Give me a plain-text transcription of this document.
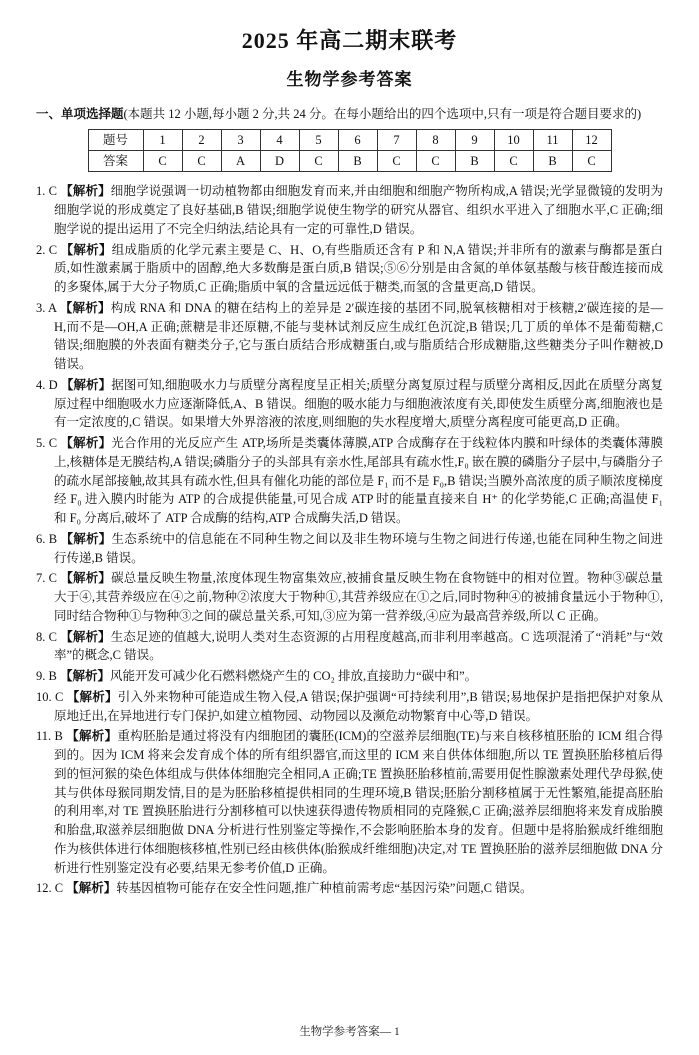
2025 年高二期末联考
生物学参考答案

一、单项选择题(本题共 12 小题,每小题 2 分,共 24 分。在每小题给出的四个选项中,只有一项是符合题目要求的)

题号	1	2	3	4	5	6	7	8	9	10	11	12
答案	C	C	A	D	C	B	C	C	B	C	B	C

1. C 【解析】细胞学说强调一切动植物都由细胞发育而来,并由细胞和细胞产物所构成,A 错误;光学显微镜的发明为细胞学说的形成奠定了良好基础,B 错误;细胞学说使生物学的研究从器官、组织水平进入了细胞水平,C 正确;细胞学说的提出运用了不完全归纳法,结论具有一定的可靠性,D 错误。

2. C 【解析】组成脂质的化学元素主要是 C、H、O,有些脂质还含有 P 和 N,A 错误;并非所有的激素与酶都是蛋白质,如性激素属于脂质中的固醇,绝大多数酶是蛋白质,B 错误;⑤⑥分别是由含氮的单体氨基酸与核苷酸连接而成的多聚体,属于大分子物质,C 正确;脂质中氧的含量远远低于糖类,而氢的含量更高,D 错误。

3. A 【解析】构成 RNA 和 DNA 的糖在结构上的差异是 2′碳连接的基团不同,脱氧核糖相对于核糖,2′碳连接的是—H,而不是—OH,A 正确;蔗糖是非还原糖,不能与斐林试剂反应生成红色沉淀,B 错误;几丁质的单体不是葡萄糖,C 错误;细胞膜的外表面有糖类分子,它与蛋白质结合形成糖蛋白,或与脂质结合形成糖脂,这些糖类分子叫作糖被,D 错误。

4. D 【解析】据图可知,细胞吸水力与质壁分离程度呈正相关;质壁分离复原过程与质壁分离相反,因此在质壁分离复原过程中细胞吸水力应逐渐降低,A、B 错误。细胞的吸水能力与细胞液浓度有关,即使发生质壁分离,细胞液也是有一定浓度的,C 错误。如果增大外界溶液的浓度,则细胞的失水程度增大,质壁分离程度可能更高,D 正确。

5. C 【解析】光合作用的光反应产生 ATP,场所是类囊体薄膜,ATP 合成酶存在于线粒体内膜和叶绿体的类囊体薄膜上,核糖体是无膜结构,A 错误;磷脂分子的头部具有亲水性,尾部具有疏水性,F₀ 嵌在膜的磷脂分子层中,与磷脂分子的疏水尾部接触,故其具有疏水性,但具有催化功能的部位是 F₁ 而不是 F₀,B 错误;当膜外高浓度的质子顺浓度梯度经 F₀ 进入膜内时能为 ATP 的合成提供能量,可见合成 ATP 时的能量直接来自 H⁺ 的化学势能,C 正确;高温使 F₁ 和 F₀ 分离后,破坏了 ATP 合成酶的结构,ATP 合成酶失活,D 错误。

6. B 【解析】生态系统中的信息能在不同种生物之间以及非生物环境与生物之间进行传递,也能在同种生物之间进行传递,B 错误。

7. C 【解析】碳总量反映生物量,浓度体现生物富集效应,被捕食量反映生物在食物链中的相对位置。物种③碳总量大于④,其营养级应在④之前,物种②浓度大于物种①,其营养级应在①之后,同时物种④的被捕食量远小于物种①,同时结合物种①与物种③之间的碳总量关系,可知,③应为第一营养级,④应为最高营养级,所以 C 正确。

8. C 【解析】生态足迹的值越大,说明人类对生态资源的占用程度越高,而非利用率越高。C 选项混淆了“消耗”与“效率”的概念,C 错误。

9. B 【解析】风能开发可减少化石燃料燃烧产生的 CO₂ 排放,直接助力“碳中和”。

10. C 【解析】引入外来物种可能造成生物入侵,A 错误;保护强调“可持续利用”,B 错误;易地保护是指把保护对象从原地迁出,在异地进行专门保护,如建立植物园、动物园以及濒危动物繁育中心等,D 错误。

11. B 【解析】重构胚胎是通过将没有内细胞团的囊胚(ICM)的空滋养层细胞(TE)与来自核移植胚胎的 ICM 组合得到的。因为 ICM 将来会发育成个体的所有组织器官,而这里的 ICM 来自供体体细胞,所以 TE 置换胚胎移植后得到的恒河猴的染色体组成与供体体细胞完全相同,A 正确;TE 置换胚胎移植前,需要用促性腺激素处理代孕母猴,使其与供体母猴同期发情,目的是为胚胎移植提供相同的生理环境,B 错误;胚胎分割移植属于无性繁殖,能提高胚胎的利用率,对 TE 置换胚胎进行分割移植可以快速获得遗传物质相同的克隆猴,C 正确;滋养层细胞将来发育成胎膜和胎盘,取滋养层细胞做 DNA 分析进行性别鉴定等操作,不会影响胚胎本身的发育。但题中是将胎猴成纤维细胞作为核供体进行体细胞核移植,性别已经由核供体(胎猴成纤维细胞)决定,对 TE 置换胚胎的滋养层细胞做 DNA 分析进行性别鉴定没有必要,结果无参考价值,D 正确。

12. C 【解析】转基因植物可能存在安全性问题,推广种植前需考虑“基因污染”问题,C 错误。

生物学参考答案— 1
